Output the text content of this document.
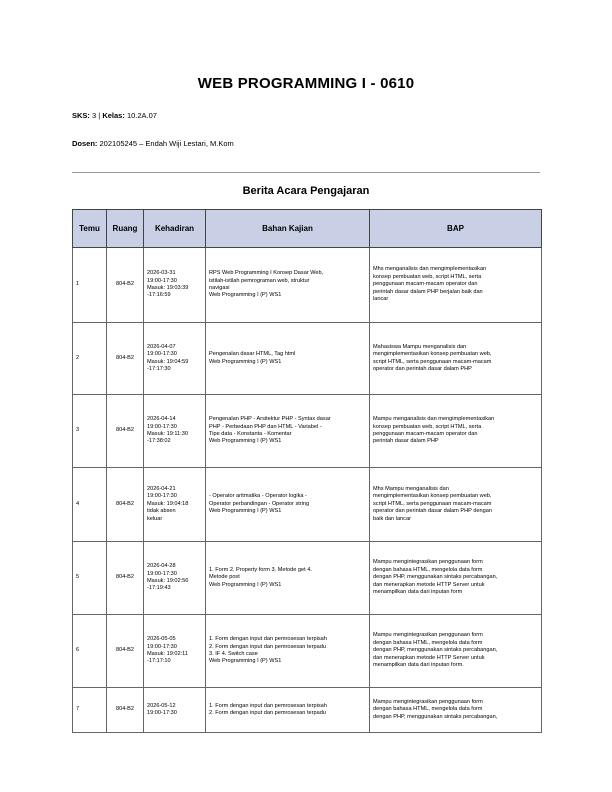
WEB PROGRAMMING I - 0610
SKS: 3 | Kelas: 10.2A.07
Dosen: 202105245 – Endah Wiji Lestari, M.Kom
Berita Acara Pengajaran
Temu	Ruang	Kehadiran	Bahan Kajian	BAP
1	804-B2	2026-03-31
19:00-17:30
Masuk: 19:03:39
-17:16:59	RPS Web Programming I Konsep Dasar Web,
istilah-istilah pemrograman web, struktur
navigasi
Web Programming I (P) WS1	Mhs menganalisis dan mengimplementasikan
konsep pembuatan web, script HTML, serta
penggunaan macam-macam operator dan
perintah dasar dalam PHP berjalan baik dan
lancar
2	804-B2	2026-04-07
19:00-17:30
Masuk: 19:04:59
-17:17:30	Pengenalan dasar HTML, Tag html
Web Programming I (P) WS1	Mahasiswa Mampu menganalisis dan
mengimplementasikan konsep pembuatan web,
script HTML, serta penggunaan macam-macam
operator dan perintah dasar dalam PHP
3	804-B2	2026-04-14
19:00-17:30
Masuk: 19:11:30
-17:38:02	Pengenalan PHP - Arsitektur PHP - Syntax dasar
PHP - Perbedaan PHP dan HTML - Variabel -
Tipe data - Konstanta - Komentar
Web Programming I (P) WS1	Mampu menganalisis dan mengimplementasikan
konsep pembuatan web, script HTML, serta
penggunaan macam-macam operator dan
perintah dasar dalam PHP
4	804-B2	2026-04-21
19:00-17:30
Masuk: 19:04:18
tidak absen
keluar	- Operator aritmatika - Operator logika -
Operator perbandingan - Operator string
Web Programming I (P) WS1	Mhs Mampu menganalisis dan
mengimplementasikan konsep pembuatan web,
script HTML, serta penggunaan macam-macam
operator dan perintah dasar dalam PHP dengan
baik dan lancar
5	804-B2	2026-04-28
19:00-17:30
Masuk: 19:02:56
-17:19:43	1. Form 2. Property form 3. Metode get 4.
Metode post
Web Programming I (P) WS1	Mampu mengintegrasikan penggunaan form
dengan bahasa HTML, mengelola data form
dengan PHP, menggunakan sintaks percabangan,
dan menerapkan metode HTTP Server untuk
menampilkan data dari inputan form
6	804-B2	2026-05-05
19:00-17:30
Masuk: 19:02:11
-17:17:10	1. Form dengan input dan pemrosesan terpisah
2. Form dengan input dan pemrosesan terpadu
3. IF 4. Switch case
Web Programming I (P) WS1	Mampu mengintegrasikan penggunaan form
dengan bahasa HTML, mengelola data form
dengan PHP, menggunakan sintaks percabangan,
dan menerapkan metode HTTP Server untuk
menampilkan data dari inputan form.
7	804-B2	2026-05-12
19:00-17:30	1. Form dengan input dan pemrosesan terpisah
2. Form dengan input dan pemrosesan terpadu	Mampu mengintegrasikan penggunaan form
dengan bahasa HTML, mengelola data form
dengan PHP, menggunakan sintaks percabangan,
